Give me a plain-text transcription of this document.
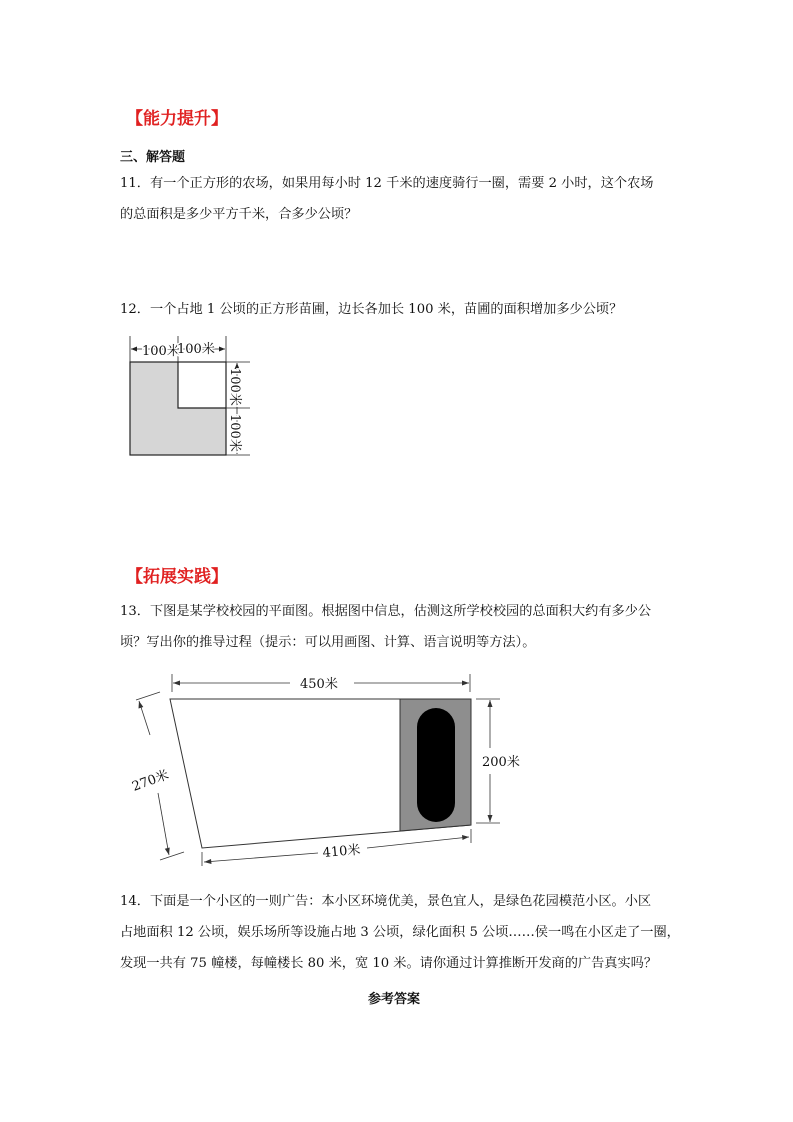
【能力提升】
三、解答题
11．有一个正方形的农场，如果用每小时 12 千米的速度骑行一圈，需要 2 小时，这个农场
的总面积是多少平方千米，合多少公顷？
12．一个占地 1 公顷的正方形苗圃，边长各加长 100 米，苗圃的面积增加多少公顷？
100米
100米
100米
100米
【拓展实践】
13．下图是某学校校园的平面图。根据图中信息，估测这所学校校园的总面积大约有多少公
顷？写出你的推导过程（提示：可以用画图、计算、语言说明等方法）。
450米
200米
270米
410米
14．下面是一个小区的一则广告：本小区环境优美，景色宜人，是绿色花园模范小区。小区
占地面积 12 公顷，娱乐场所等设施占地 3 公顷，绿化面积 5 公顷……侯一鸣在小区走了一圈，
发现一共有 75 幢楼，每幢楼长 80 米，宽 10 米。请你通过计算推断开发商的广告真实吗？
参考答案
